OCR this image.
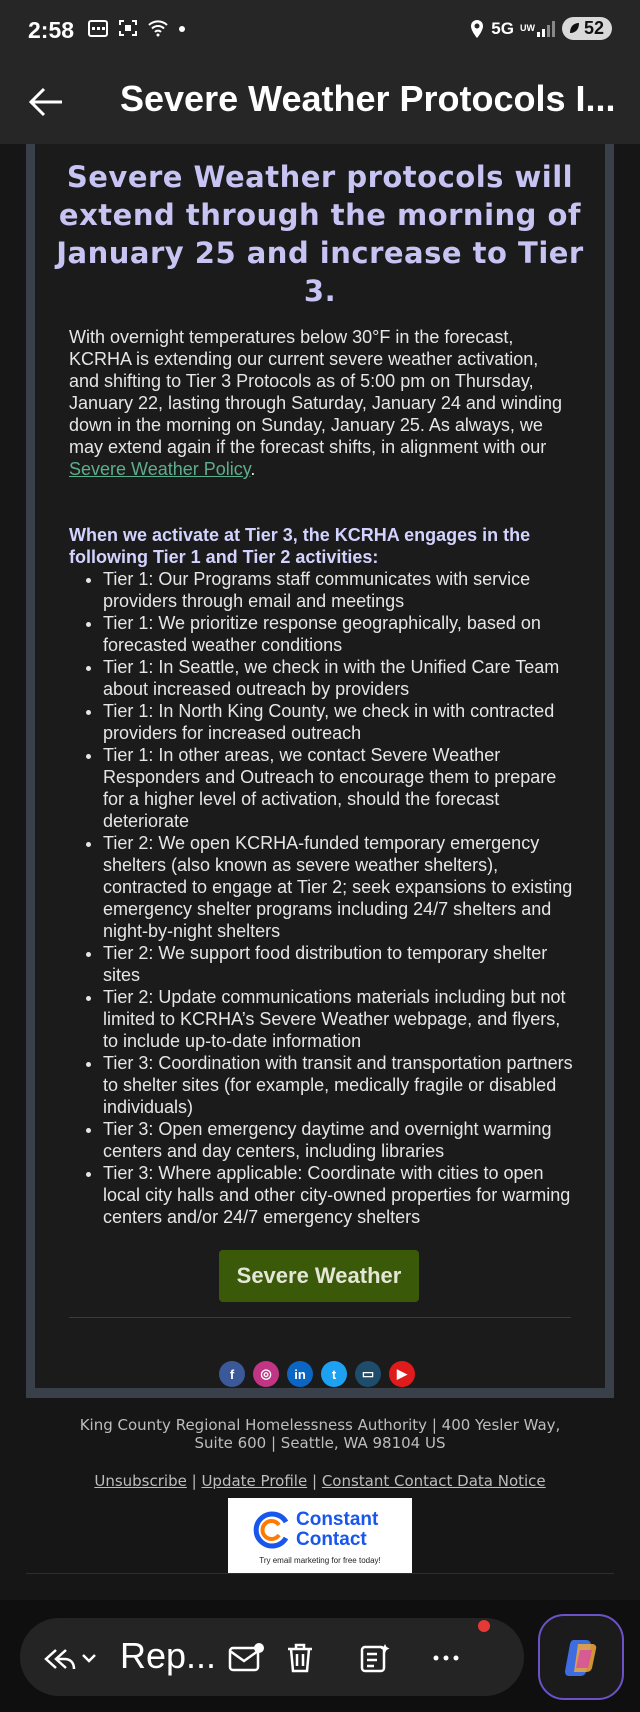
2:58	5G UW	52
Severe Weather Protocols I...
Severe Weather protocols will extend through the morning of January 25 and increase to Tier 3.
With overnight temperatures below 30°F in the forecast, KCRHA is extending our current severe weather activation, and shifting to Tier 3 Protocols as of 5:00 pm on Thursday, January 22, lasting through Saturday, January 24 and winding down in the morning on Sunday, January 25. As always, we may extend again if the forecast shifts, in alignment with our Severe Weather Policy.
When we activate at Tier 3, the KCRHA engages in the following Tier 1 and Tier 2 activities:
• Tier 1: Our Programs staff communicates with service providers through email and meetings
• Tier 1: We prioritize response geographically, based on forecasted weather conditions
• Tier 1: In Seattle, we check in with the Unified Care Team about increased outreach by providers
• Tier 1: In North King County, we check in with contracted providers for increased outreach
• Tier 1: In other areas, we contact Severe Weather Responders and Outreach to encourage them to prepare for a higher level of activation, should the forecast deteriorate
• Tier 2: We open KCRHA-funded temporary emergency shelters (also known as severe weather shelters), contracted to engage at Tier 2; seek expansions to existing emergency shelter programs including 24/7 shelters and night-by-night shelters
• Tier 2: We support food distribution to temporary shelter sites
• Tier 2: Update communications materials including but not limited to KCRHA’s Severe Weather webpage, and flyers, to include up-to-date information
• Tier 3: Coordination with transit and transportation partners to shelter sites (for example, medically fragile or disabled individuals)
• Tier 3: Open emergency daytime and overnight warming centers and day centers, including libraries
• Tier 3: Where applicable: Coordinate with cities to open local city halls and other city-owned properties for warming centers and/or 24/7 emergency shelters
Severe Weather
f	◎	in	t	▭	▶
King County Regional Homelessness Authority | 400 Yesler Way, Suite 600 | Seattle, WA 98104 US
Unsubscribe | Update Profile | Constant Contact Data Notice
Constant
Contact
Try email marketing for free today!
Rep...
